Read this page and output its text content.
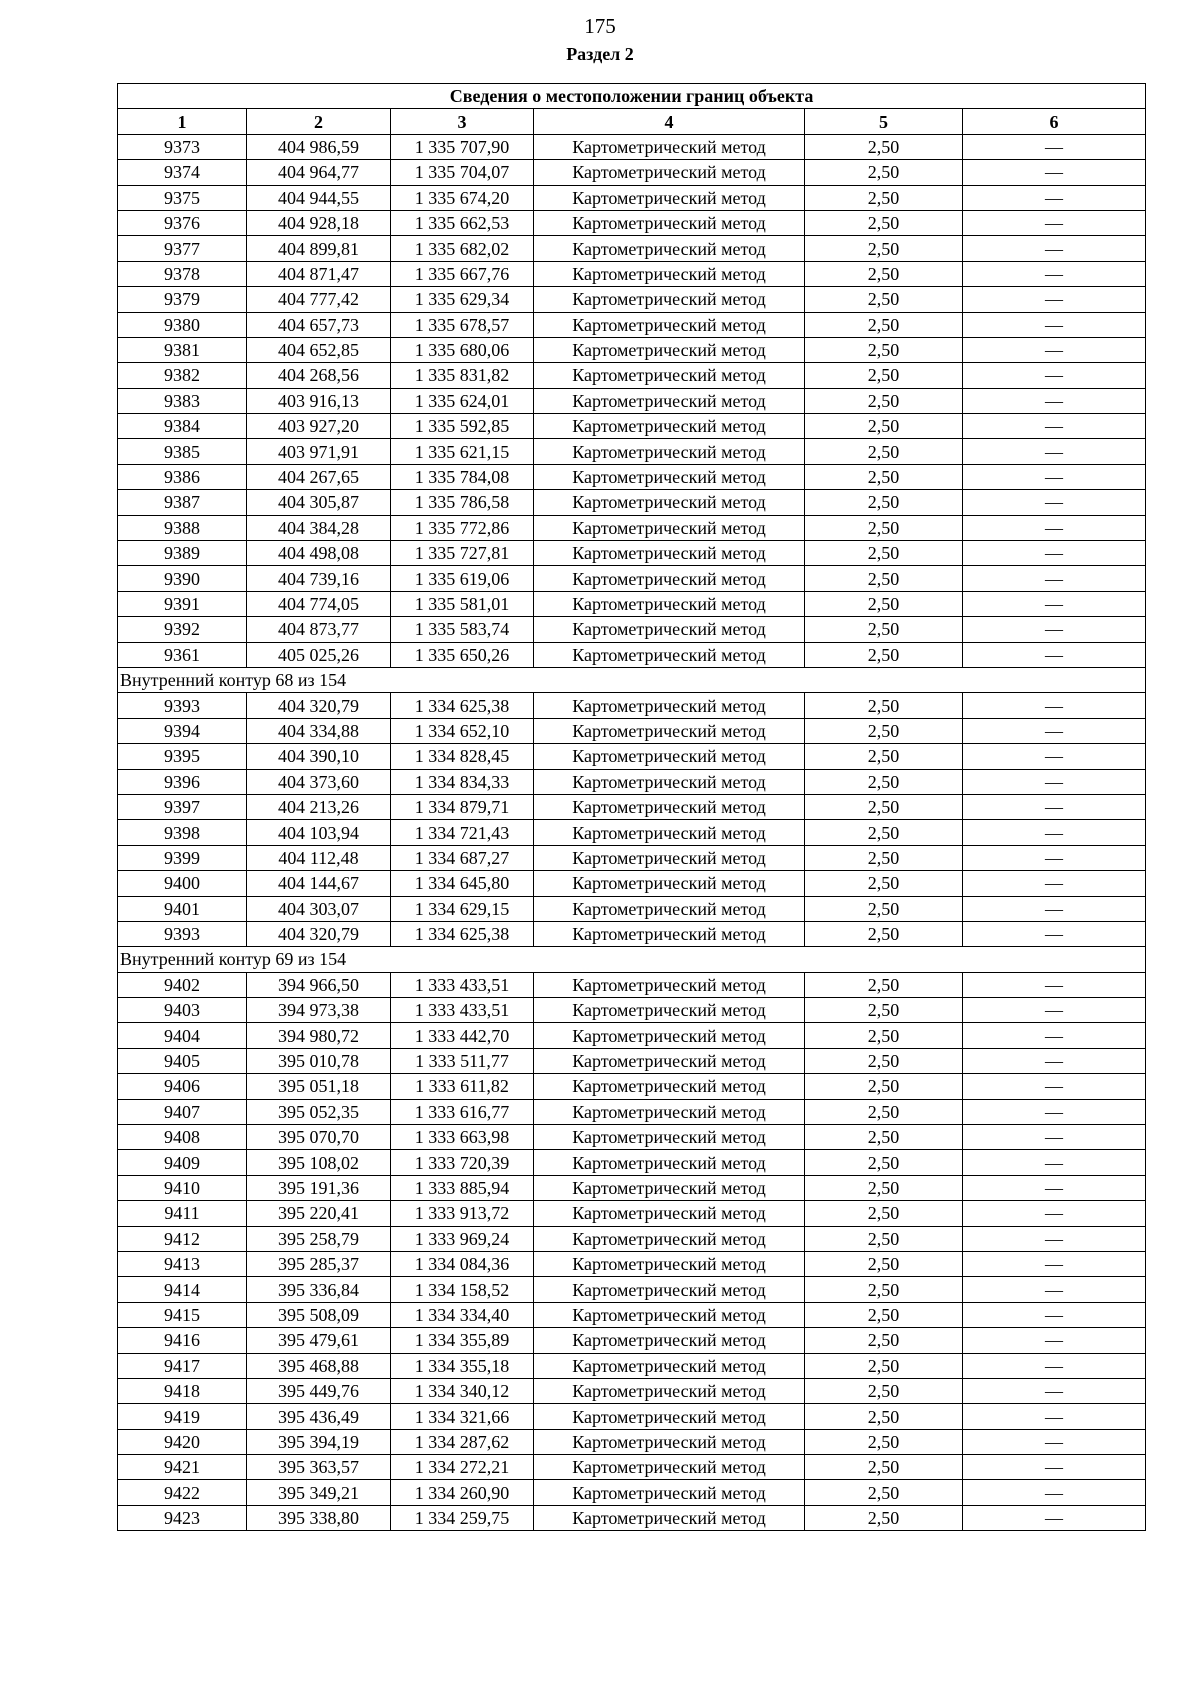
175
Раздел 2
Сведения о местоположении границ объекта					
1	2	3	4	5	6
9373	404 986,59	1 335 707,90	Картометрический метод	2,50	—
9374	404 964,77	1 335 704,07	Картометрический метод	2,50	—
9375	404 944,55	1 335 674,20	Картометрический метод	2,50	—
9376	404 928,18	1 335 662,53	Картометрический метод	2,50	—
9377	404 899,81	1 335 682,02	Картометрический метод	2,50	—
9378	404 871,47	1 335 667,76	Картометрический метод	2,50	—
9379	404 777,42	1 335 629,34	Картометрический метод	2,50	—
9380	404 657,73	1 335 678,57	Картометрический метод	2,50	—
9381	404 652,85	1 335 680,06	Картометрический метод	2,50	—
9382	404 268,56	1 335 831,82	Картометрический метод	2,50	—
9383	403 916,13	1 335 624,01	Картометрический метод	2,50	—
9384	403 927,20	1 335 592,85	Картометрический метод	2,50	—
9385	403 971,91	1 335 621,15	Картометрический метод	2,50	—
9386	404 267,65	1 335 784,08	Картометрический метод	2,50	—
9387	404 305,87	1 335 786,58	Картометрический метод	2,50	—
9388	404 384,28	1 335 772,86	Картометрический метод	2,50	—
9389	404 498,08	1 335 727,81	Картометрический метод	2,50	—
9390	404 739,16	1 335 619,06	Картометрический метод	2,50	—
9391	404 774,05	1 335 581,01	Картометрический метод	2,50	—
9392	404 873,77	1 335 583,74	Картометрический метод	2,50	—
9361	405 025,26	1 335 650,26	Картометрический метод	2,50	—
Внутренний контур 68 из 154					
9393	404 320,79	1 334 625,38	Картометрический метод	2,50	—
9394	404 334,88	1 334 652,10	Картометрический метод	2,50	—
9395	404 390,10	1 334 828,45	Картометрический метод	2,50	—
9396	404 373,60	1 334 834,33	Картометрический метод	2,50	—
9397	404 213,26	1 334 879,71	Картометрический метод	2,50	—
9398	404 103,94	1 334 721,43	Картометрический метод	2,50	—
9399	404 112,48	1 334 687,27	Картометрический метод	2,50	—
9400	404 144,67	1 334 645,80	Картометрический метод	2,50	—
9401	404 303,07	1 334 629,15	Картометрический метод	2,50	—
9393	404 320,79	1 334 625,38	Картометрический метод	2,50	—
Внутренний контур 69 из 154					
9402	394 966,50	1 333 433,51	Картометрический метод	2,50	—
9403	394 973,38	1 333 433,51	Картометрический метод	2,50	—
9404	394 980,72	1 333 442,70	Картометрический метод	2,50	—
9405	395 010,78	1 333 511,77	Картометрический метод	2,50	—
9406	395 051,18	1 333 611,82	Картометрический метод	2,50	—
9407	395 052,35	1 333 616,77	Картометрический метод	2,50	—
9408	395 070,70	1 333 663,98	Картометрический метод	2,50	—
9409	395 108,02	1 333 720,39	Картометрический метод	2,50	—
9410	395 191,36	1 333 885,94	Картометрический метод	2,50	—
9411	395 220,41	1 333 913,72	Картометрический метод	2,50	—
9412	395 258,79	1 333 969,24	Картометрический метод	2,50	—
9413	395 285,37	1 334 084,36	Картометрический метод	2,50	—
9414	395 336,84	1 334 158,52	Картометрический метод	2,50	—
9415	395 508,09	1 334 334,40	Картометрический метод	2,50	—
9416	395 479,61	1 334 355,89	Картометрический метод	2,50	—
9417	395 468,88	1 334 355,18	Картометрический метод	2,50	—
9418	395 449,76	1 334 340,12	Картометрический метод	2,50	—
9419	395 436,49	1 334 321,66	Картометрический метод	2,50	—
9420	395 394,19	1 334 287,62	Картометрический метод	2,50	—
9421	395 363,57	1 334 272,21	Картометрический метод	2,50	—
9422	395 349,21	1 334 260,90	Картометрический метод	2,50	—
9423	395 338,80	1 334 259,75	Картометрический метод	2,50	—
